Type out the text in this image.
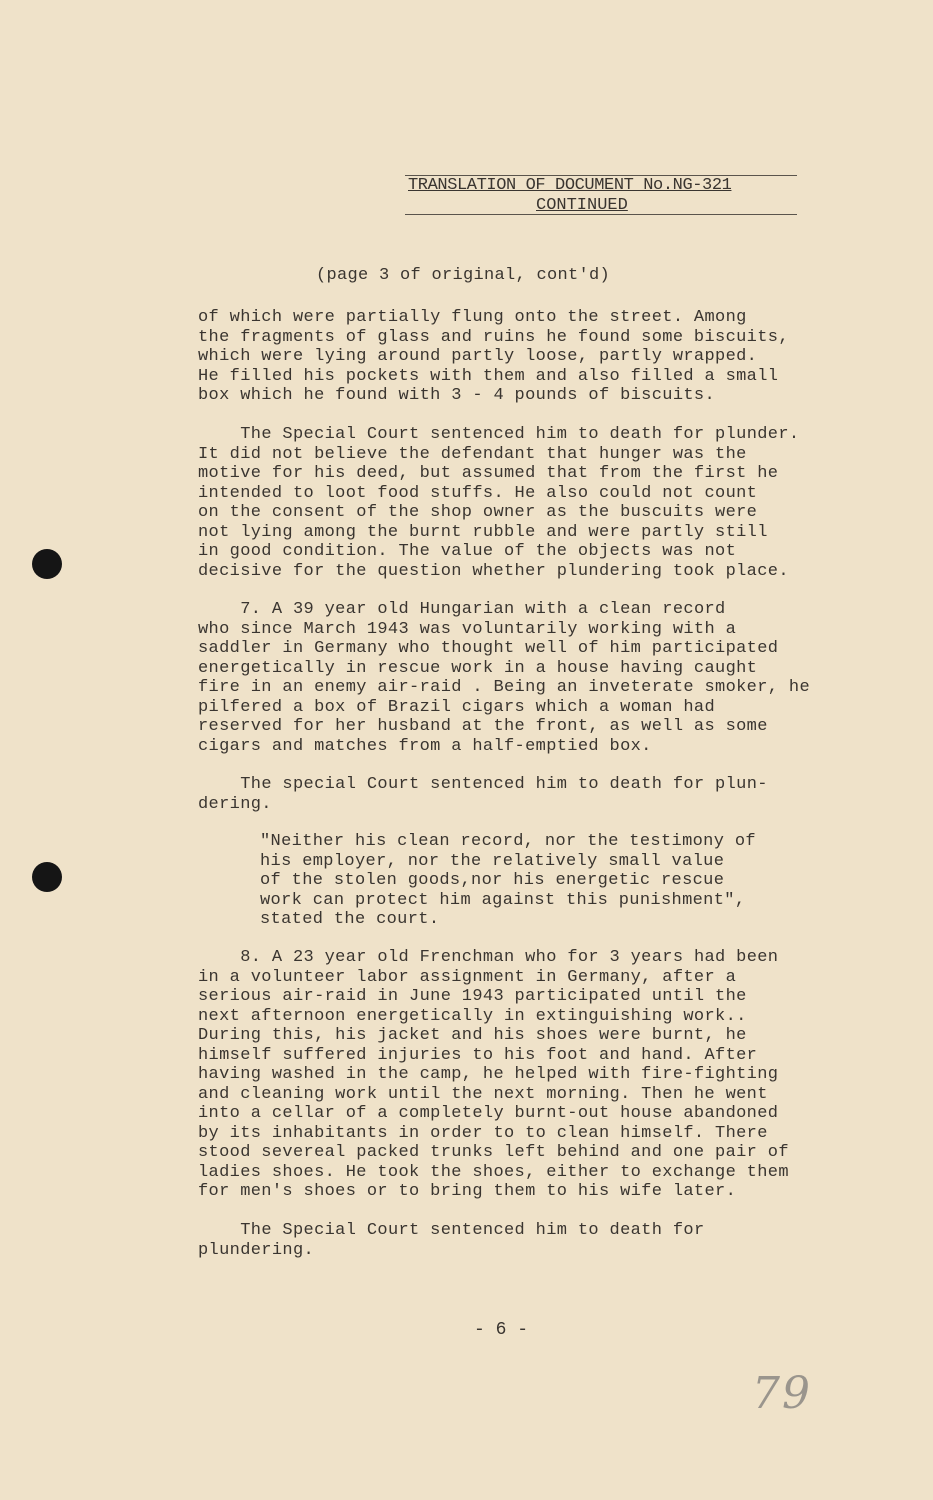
TRANSLATION OF DOCUMENT No.NG-321
CONTINUED
(page 3 of original, cont'd)

of which were partially flung onto the street. Among
the fragments of glass and ruins he found some biscuits,
which were lying around partly loose, partly wrapped.
He filled his pockets with them and also filled a small
box which he found with 3 - 4 pounds of biscuits.

The Special Court sentenced him to death for plunder.
It did not believe the defendant that hunger was the
motive for his deed, but assumed that from the first he
intended to loot food stuffs. He also could not count
on the consent of the shop owner as the buscuits were
not lying among the burnt rubble and were partly still
in good condition. The value of the objects was not
decisive for the question whether plundering took place.

7. A 39 year old Hungarian with a clean record
who since March 1943 was voluntarily working with a
saddler in Germany who thought well of him participated
energetically in rescue work in a house having caught
fire in an enemy air-raid . Being an inveterate smoker, he
pilfered a box of Brazil cigars which a woman had
reserved for her husband at the front, as well as some
cigars and matches from a half-emptied box.

The special Court sentenced him to death for plun-
dering.

"Neither his clean record, nor the testimony of
his employer, nor the relatively small value
of the stolen goods,nor his energetic rescue
work can protect him against this punishment",
stated the court.

8. A 23 year old Frenchman who for 3 years had been
in a volunteer labor assignment in Germany, after a
serious air-raid in June 1943 participated until the
next afternoon energetically in extinguishing work..
During this, his jacket and his shoes were burnt, he
himself suffered injuries to his foot and hand. After
having washed in the camp, he helped with fire-fighting
and cleaning work until the next morning. Then he went
into a cellar of a completely burnt-out house abandoned
by its inhabitants in order to to clean himself. There
stood severeal packed trunks left behind and one pair of
ladies shoes. He took the shoes, either to exchange them
for men's shoes or to bring them to his wife later.

The Special Court sentenced him to death for
plundering.

- 6 -
79
